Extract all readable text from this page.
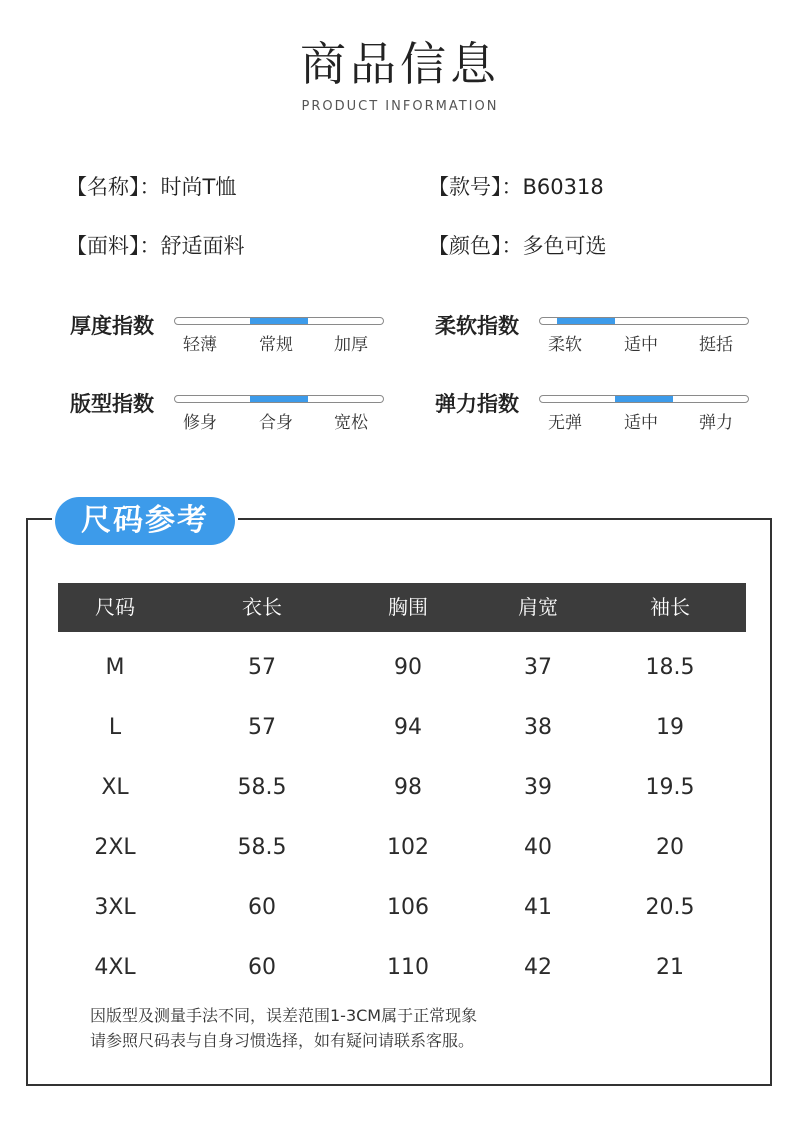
商品信息
PRODUCT INFORMATION
【名称】：时尚T恤	【款号】：B60318
【面料】：舒适面料	【颜色】：多色可选
厚度指数
轻薄	常规	加厚
柔软指数
柔软	适中	挺括
版型指数
修身	合身	宽松
弹力指数
无弹	适中	弹力
尺码参考
尺码	衣长	胸围	肩宽	袖长
M	57	90	37	18.5
L	57	94	38	19
XL	58.5	98	39	19.5
2XL	58.5	102	40	20
3XL	60	106	41	20.5
4XL	60	110	42	21
因版型及测量手法不同，误差范围1-3CM属于正常现象
请参照尺码表与自身习惯选择，如有疑问请联系客服。
